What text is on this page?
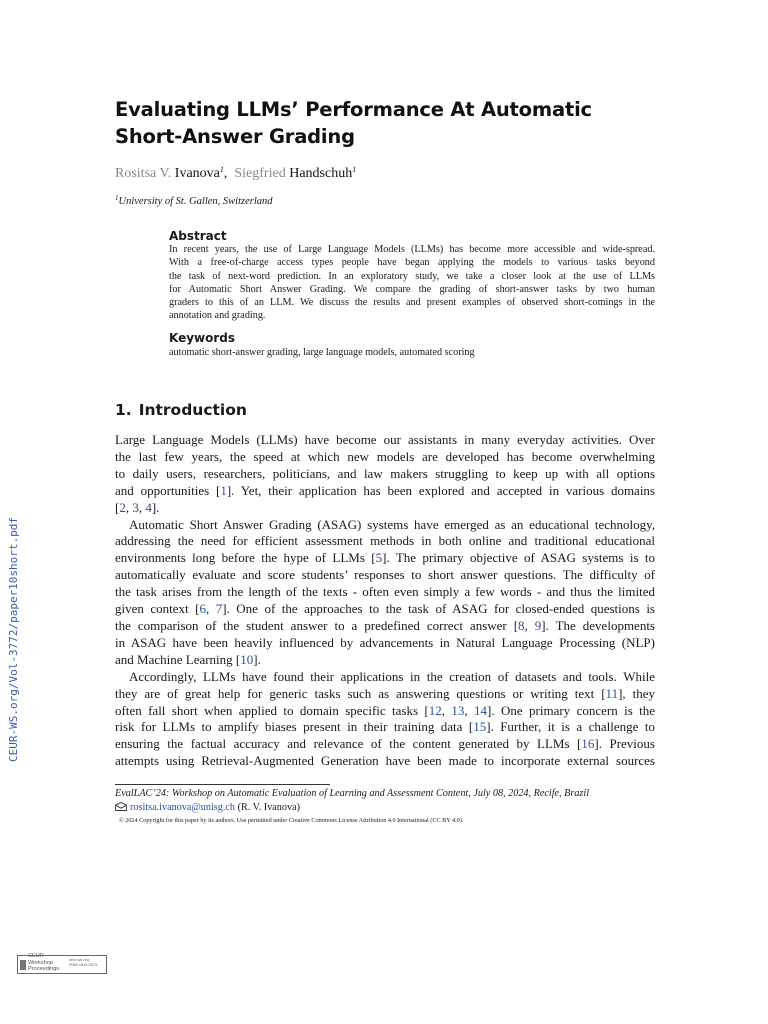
Evaluating LLMs’ Performance At Automatic
Short-Answer Grading
Rositsa V. Ivanova$^1$,  Siegfried Handschuh$^1$
$^1$University of St. Gallen, Switzerland
Abstract
In recent years, the use of Large Language Models (LLMs) has become more accessible and wide-spread.
With a free-of-charge access types people have began applying the models to various tasks beyond
the task of next-word prediction. In an exploratory study, we take a closer look at the use of LLMs
for Automatic Short Answer Grading. We compare the grading of short-answer tasks by two human
graders to this of an LLM. We discuss the results and present examples of observed short-comings in the
annotation and grading.
Keywords
automatic short-answer grading, large language models, automated scoring
1. Introduction
Large Language Models (LLMs) have become our assistants in many everyday activities. Over
the last few years, the speed at which new models are developed has become overwhelming
to daily users, researchers, politicians, and law makers struggling to keep up with all options
and opportunities [1]. Yet, their application has been explored and accepted in various domains
[2, 3, 4].
Automatic Short Answer Grading (ASAG) systems have emerged as an educational technology,
addressing the need for efficient assessment methods in both online and traditional educational
environments long before the hype of LLMs [5]. The primary objective of ASAG systems is to
automatically evaluate and score students’ responses to short answer questions. The difficulty of
the task arises from the length of the texts - often even simply a few words - and thus the limited
given context [6, 7]. One of the approaches to the task of ASAG for closed-ended questions is
the comparison of the student answer to a predefined correct answer [8, 9]. The developments
in ASAG have been heavily influenced by advancements in Natural Language Processing (NLP)
and Machine Learning [10].
Accordingly, LLMs have found their applications in the creation of datasets and tools. While
they are of great help for generic tasks such as answering questions or writing text [11], they
often fall short when applied to domain specific tasks [12, 13, 14]. One primary concern is the
risk for LLMs to amplify biases present in their training data [15]. Further, it is a challenge to
ensuring the factual accuracy and relevance of the content generated by LLMs [16]. Previous
attempts using Retrieval-Augmented Generation have been made to incorporate external sources
EvalLAC’24: Workshop on Automatic Evaluation of Learning and Assessment Content, July 08, 2024, Recife, Brazil
rositsa.ivanova@unisg.ch (R. V. Ivanova)
© 2024 Copyright for this paper by its authors. Use permitted under Creative Commons License Attribution 4.0 International (CC BY 4.0).
CEUR-WS.org/Vol-3772/paper10short.pdf
CEUR
Workshop
Proceedings
ceur-ws.org
ISSN 1613-0073
